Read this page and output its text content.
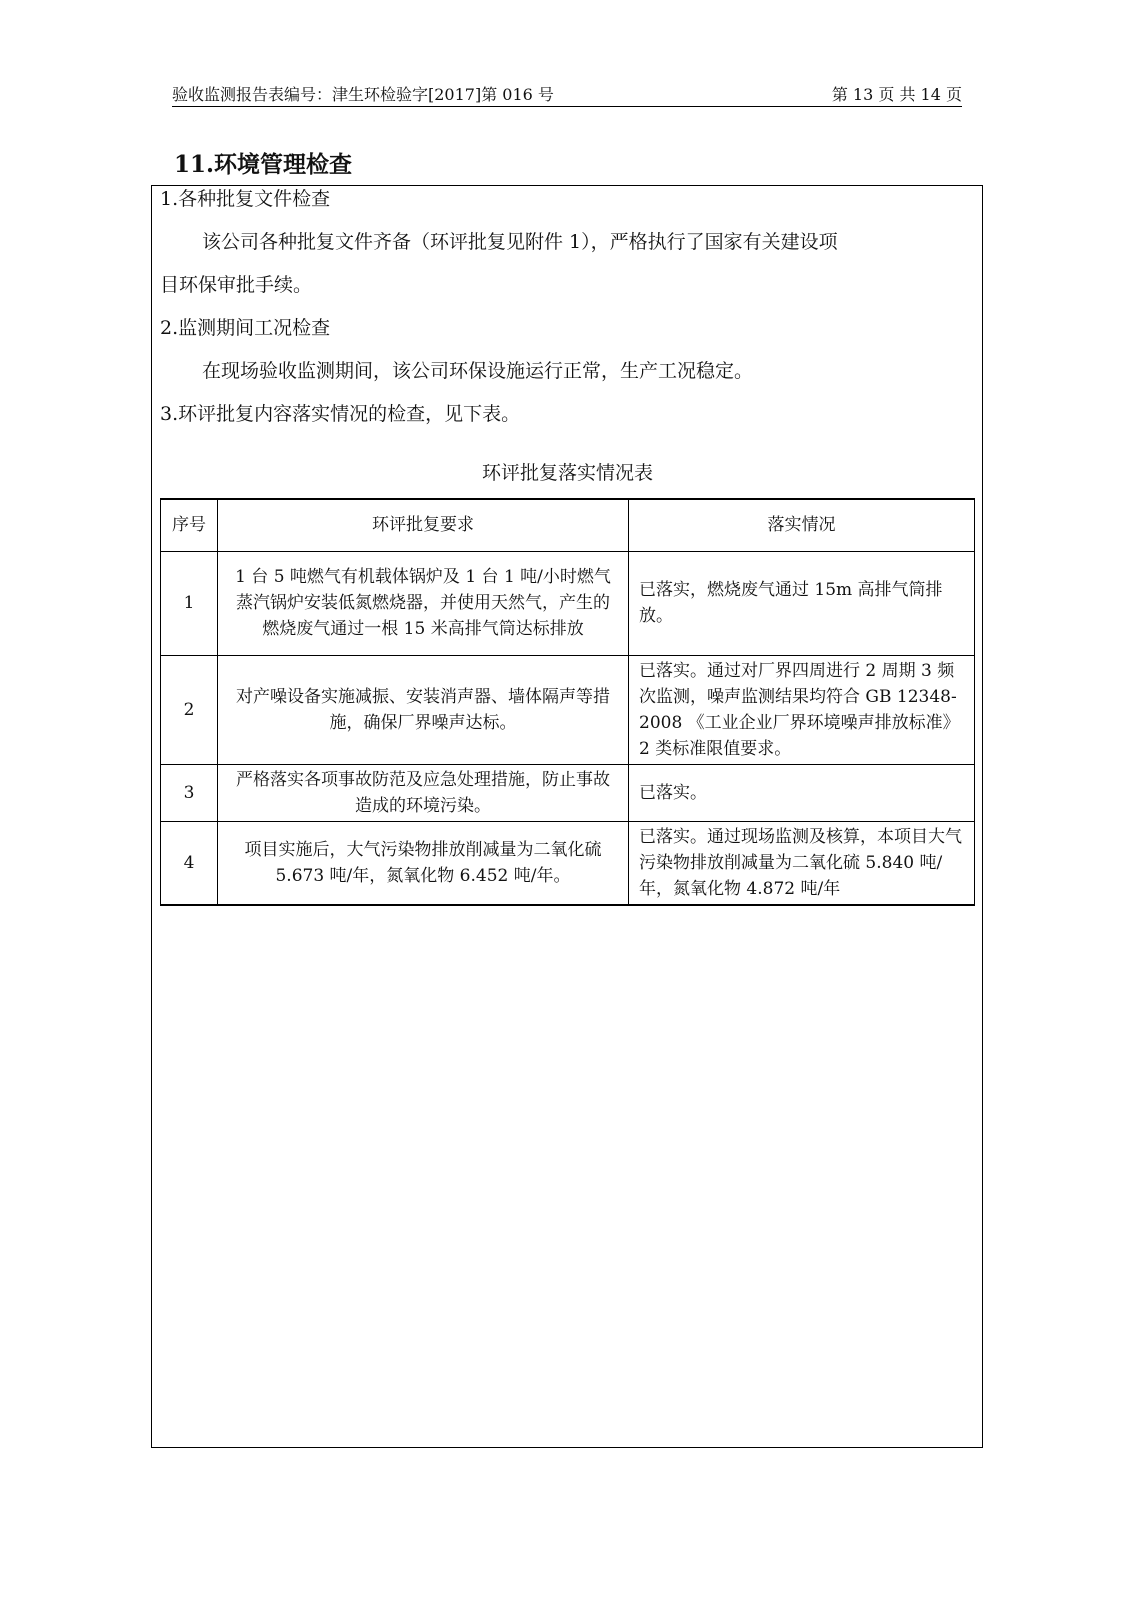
验收监测报告表编号：津生环检验字[2017]第 016 号	第 13 页 共 14 页
11.环境管理检查
1.各种批复文件检查
该公司各种批复文件齐备（环评批复见附件 1），严格执行了国家有关建设项
目环保审批手续。
2.监测期间工况检查
在现场验收监测期间，该公司环保设施运行正常，生产工况稳定。
3.环评批复内容落实情况的检查，见下表。
环评批复落实情况表
序号	环评批复要求	落实情况
1	1 台 5 吨燃气有机载体锅炉及 1 台 1 吨/小时燃气蒸汽锅炉安装低氮燃烧器，并使用天然气，产生的燃烧废气通过一根 15 米高排气筒达标排放	已落实，燃烧废气通过 15m 高排气筒排放。
2	对产噪设备实施减振、安装消声器、墙体隔声等措施，确保厂界噪声达标。	已落实。通过对厂界四周进行 2 周期 3 频次监测，噪声监测结果均符合 GB 12348-2008 《工业企业厂界环境噪声排放标准》2 类标准限值要求。
3	严格落实各项事故防范及应急处理措施，防止事故造成的环境污染。	已落实。
4	项目实施后，大气污染物排放削减量为二氧化硫 5.673 吨/年，氮氧化物 6.452 吨/年。	已落实。通过现场监测及核算，本项目大气污染物排放削减量为二氧化硫 5.840 吨/年，氮氧化物 4.872 吨/年
